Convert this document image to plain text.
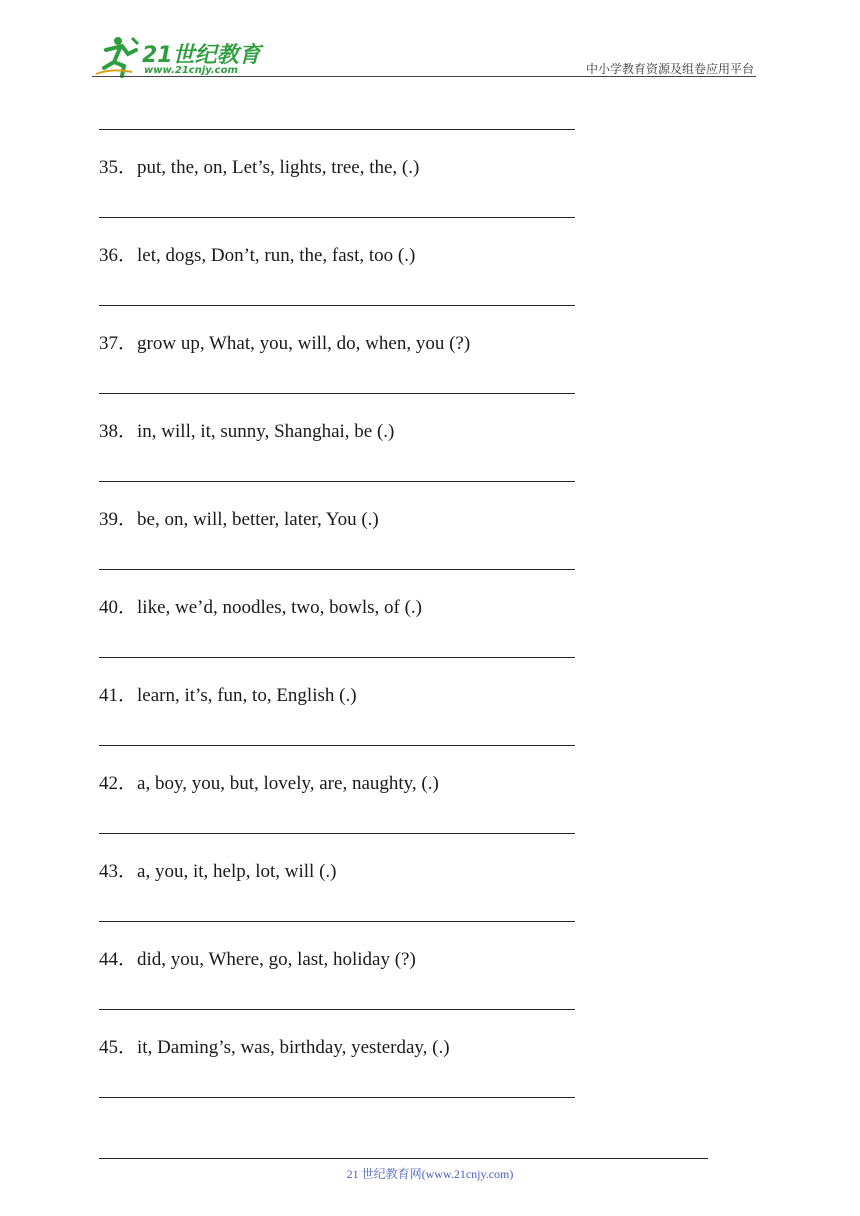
21世纪教育
www.21cnjy.com	中小学教育资源及组卷应用平台
35．put, the, on, Let’s, lights, tree, the, (.)
36．let, dogs, Don’t, run, the, fast, too (.)
37．grow up, What, you, will, do, when, you (?)
38．in, will, it, sunny, Shanghai, be (.)
39．be, on, will, better, later, You (.)
40．like, we’d, noodles, two, bowls, of (.)
41．learn, it’s, fun, to, English (.)
42．a, boy, you, but, lovely, are, naughty, (.)
43．a, you, it, help, lot, will (.)
44．did, you, Where, go, last, holiday (?)
45．it, Daming’s, was, birthday, yesterday, (.)
21 世纪教育网(www.21cnjy.com)
